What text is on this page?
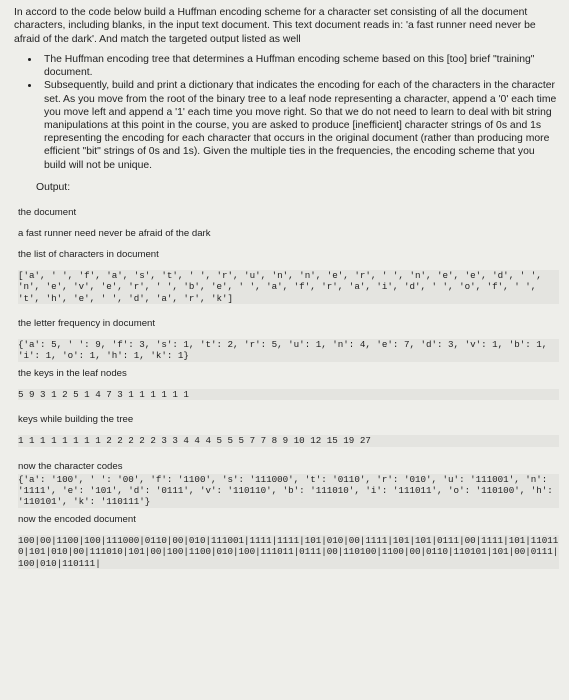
In accord to the code below build a Huffman encoding scheme for a character set consisting of all the document characters, including blanks, in the input text document. This text document reads in: 'a fast runner need never be afraid of the dark'. And match the targeted output listed as well

• The Huffman encoding tree that determines a Huffman encoding scheme based on this [too] brief "training" document.
• Subsequently, build and print a dictionary that indicates the encoding for each of the characters in the character set. As you move from the root of the binary tree to a leaf node representing a character, append a '0' each time you move left and append a '1' each time you move right. So that we do not need to learn to deal with bit string manipulations at this point in the course, you are asked to produce [inefficient] character strings of 0s and 1s representing the encoding for each character that occurs in the original document (rather than producing more efficient "bit" strings of 0s and 1s). Given the multiple ties in the frequencies, the encoding scheme that you build will not be unique.
Output:
the document
a fast runner need never be afraid of the dark
the list of characters in document
['a', ' ', 'f', 'a', 's', 't', ' ', 'r', 'u', 'n', 'n', 'e', 'r', ' ', 'n', 'e', 'e', 'd', ' ', 'n', 'e', 'v', 'e', 'r', ' ', 'b', 'e', ' ', 'a', 'f', 'r', 'a', 'i', 'd', ' ', 'o', 'f', ' ', 't', 'h', 'e', ' ', 'd', 'a', 'r', 'k']
the letter frequency in document
{'a': 5, ' ': 9, 'f': 3, 's': 1, 't': 2, 'r': 5, 'u': 1, 'n': 4, 'e': 7, 'd': 3, 'v': 1, 'b': 1, 'i': 1, 'o': 1, 'h': 1, 'k': 1}
the keys in the leaf nodes
5 9 3 1 2 5 1 4 7 3 1 1 1 1 1 1
keys while building the tree
1 1 1 1 1 1 1 1 2 2 2 2 2 3 3 4 4 4 5 5 5 7 7 8 9 10 12 15 19 27
now the character codes
{'a': '100', ' ': '00', 'f': '1100', 's': '111000', 't': '0110', 'r': '010', 'u': '111001', 'n': '1111', 'e': '101', 'd': '0111', 'v': '110110', 'b': '111010', 'i': '111011', 'o': '110100', 'h': '110101', 'k': '110111'}
now the encoded document
100|00|1100|100|111000|0110|00|010|111001|1111|1111|101|010|00|1111|101|101|0111|00|1111|101|110110|101|010|00|111010|101|00|100|1100|010|100|111011|0111|00|110100|1100|00|0110|110101|101|00|0111|100|010|110111|
